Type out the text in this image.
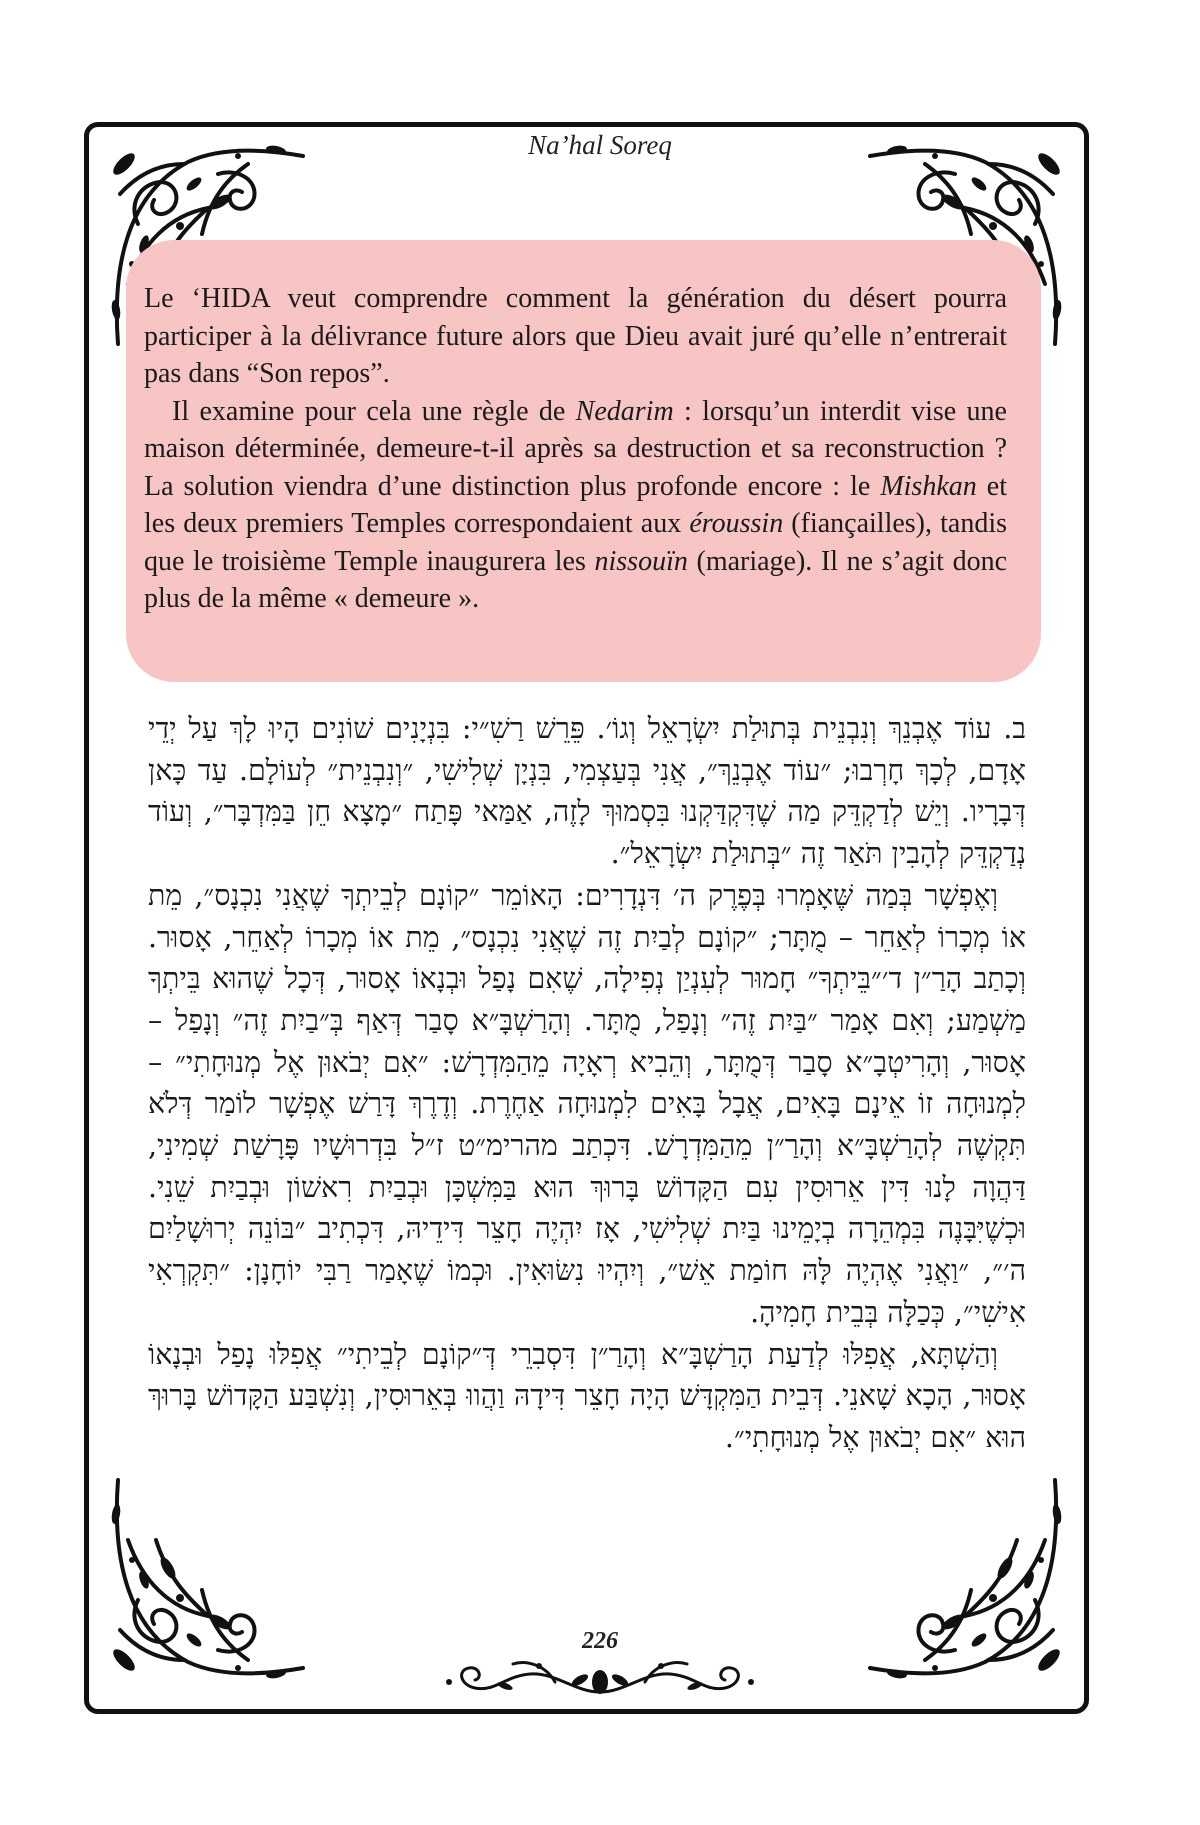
Na’hal Soreq

Le ‘HIDA veut comprendre comment la génération du désert pourra participer à la délivrance future alors que Dieu avait juré qu’elle n’entrerait pas dans “Son repos”.

Il examine pour cela une règle de Nedarim : lorsqu’un interdit vise une maison déterminée, demeure-t-il après sa destruction et sa reconstruction ? La solution viendra d’une distinction plus profonde encore : le Mishkan et les deux premiers Temples correspondaient aux éroussin (fiançailles), tandis que le troisième Temple inaugurera les nissouïn (mariage). Il ne s’agit donc plus de la même « demeure ».

ב. עוֹד אֶבְנֵךְ וְנִבְנֵית בְּתוּלַת יִשְׂרָאֵל וְגוֹ׳. פֵּרֵשׁ רַשִׁ״י: בִּנְיָנִים שׁוֹנִים הָיוּ לָךְ עַל יְדֵי אָדָם, לְכָךְ חָרְבוּ; ״עוֹד אֶבְנֵךְ״, אֲנִי בְּעַצְמִי, בִּנְיָן שְׁלִישִׁי, ״וְנִבְנֵית״ לְעוֹלָם. עַד כָּאן דְּבָרָיו. וְיֵשׁ לְדַקְדֵּק מַה שֶׁדִּקְדַּקְנוּ בִּסְמוּךְ לָזֶה, אַמַּאי פָּתַח ״מָצָא חֵן בַּמִּדְבָּר״, וְעוֹד נְדַקְדֵּק לְהָבִין תֹּאַר זֶה ״בְּתוּלַת יִשְׂרָאֵל״.

וְאֶפְשָׁר בְּמַה שֶּׁאָמְרוּ בְּפֶרֶק ה׳ דִּנְדָרִים: הָאוֹמֵר ״קוֹנָם לְבֵיתְךָ שֶׁאֲנִי נִכְנָס״, מֵת אוֹ מְכָרוֹ לְאַחֵר – מֻתָּר; ״קוֹנָם לְבַיִת זֶה שֶׁאֲנִי נִכְנָס״, מֵת אוֹ מְכָרוֹ לְאַחֵר, אָסוּר. וְכָתַב הָרַ״ן ד׳״בֵּיתְךָ״ חָמוּר לְעִנְיַן נְפִילָה, שֶׁאִם נָפַל וּבְנָאוֹ אָסוּר, דְּכָל שֶׁהוּא בֵּיתְךָ מַשְׁמַע; וְאִם אָמַר ״בַּיִת זֶה״ וְנָפַל, מֻתָּר. וְהָרַשְׁבָּ״א סָבַר דְּאַף בְּ״בַיִת זֶה״ וְנָפַל – אָסוּר, וְהָרִיטְבָ״א סָבַר דְּמֻתָּר, וְהֵבִיא רְאָיָה מֵהַמִּדְרָשׁ: ״אִם יְבֹאוּן אֶל מְנוּחָתִי״ – לִמְנוּחָה זוֹ אֵינָם בָּאִים, אֲבָל בָּאִים לִמְנוּחָה אַחֶרֶת. וְדֶרֶךְ דָּרַשׁ אֶפְשָׁר לוֹמַר דְּלֹא תִּקְשֶׁה לְהָרַשְׁבָּ״א וְהָרַ״ן מֵהַמִּדְרָשׁ. דִּכְתַב מהרימ״ט ז״ל בִּדְרוּשָׁיו פָּרָשַׁת שְׁמִינִי, דַּהֲוָה לָנוּ דִּין אֵרוּסִין עִם הַקָּדוֹשׁ בָּרוּךְ הוּא בַּמִּשְׁכָּן וּבְבַיִת רִאשׁוֹן וּבְבַיִת שֵׁנִי. וּכְשֶׁיִּבָּנֶה בִּמְהֵרָה בְיָמֵינוּ בַּיִת שְׁלִישִׁי, אָז יִהְיֶה חָצֵר דִּידֵיהּ, דִּכְתִיב ״בּוֹנֵה יְרוּשָׁלַיִם ה׳״, ״וַאֲנִי אֶהְיֶה לָּהּ חוֹמַת אֵשׁ״, וְיִהְיוּ נִשּׂוּאִין. וּכְמוֹ שֶׁאָמַר רַבִּי יוֹחָנָן: ״תִּקְרְאִי אִישִׁי״, כְּכַלָּה בְּבֵית חָמִיהָ.

וְהַשְׁתָּא, אֲפִלּוּ לְדַעַת הָרַשְׁבָּ״א וְהָרַ״ן דִּסְבִרֵי דְּ״קוֹנָם לְבֵיתִי״ אֲפִלּוּ נָפַל וּבְנָאוֹ אָסוּר, הָכָא שָׁאנֵי. דְּבֵית הַמִּקְדָּשׁ הָיָה חָצֵר דִּידָהּ וַהֲווּ בְּאֵרוּסִין, וְנִשְׁבַּע הַקָּדוֹשׁ בָּרוּךְ הוּא ״אִם יְבֹאוּן אֶל מְנוּחָתִי״.

226
